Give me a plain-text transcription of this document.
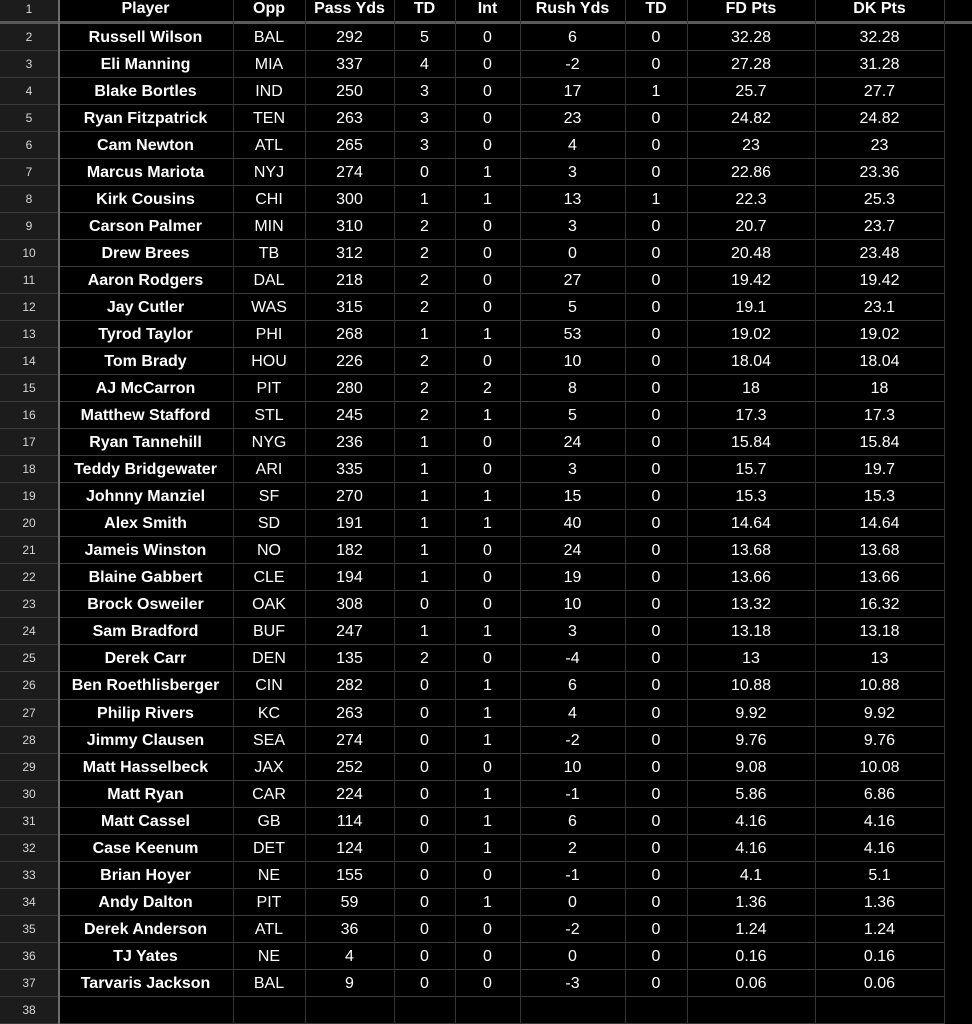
1	Player	Opp	Pass Yds	TD	Int	Rush Yds	TD	FD Pts	DK Pts
2	Russell Wilson	BAL	292	5	0	6	0	32.28	32.28
3	Eli Manning	MIA	337	4	0	-2	0	27.28	31.28
4	Blake Bortles	IND	250	3	0	17	1	25.7	27.7
5	Ryan Fitzpatrick	TEN	263	3	0	23	0	24.82	24.82
6	Cam Newton	ATL	265	3	0	4	0	23	23
7	Marcus Mariota	NYJ	274	0	1	3	0	22.86	23.36
8	Kirk Cousins	CHI	300	1	1	13	1	22.3	25.3
9	Carson Palmer	MIN	310	2	0	3	0	20.7	23.7
10	Drew Brees	TB	312	2	0	0	0	20.48	23.48
11	Aaron Rodgers	DAL	218	2	0	27	0	19.42	19.42
12	Jay Cutler	WAS	315	2	0	5	0	19.1	23.1
13	Tyrod Taylor	PHI	268	1	1	53	0	19.02	19.02
14	Tom Brady	HOU	226	2	0	10	0	18.04	18.04
15	AJ McCarron	PIT	280	2	2	8	0	18	18
16	Matthew Stafford	STL	245	2	1	5	0	17.3	17.3
17	Ryan Tannehill	NYG	236	1	0	24	0	15.84	15.84
18	Teddy Bridgewater	ARI	335	1	0	3	0	15.7	19.7
19	Johnny Manziel	SF	270	1	1	15	0	15.3	15.3
20	Alex Smith	SD	191	1	1	40	0	14.64	14.64
21	Jameis Winston	NO	182	1	0	24	0	13.68	13.68
22	Blaine Gabbert	CLE	194	1	0	19	0	13.66	13.66
23	Brock Osweiler	OAK	308	0	0	10	0	13.32	16.32
24	Sam Bradford	BUF	247	1	1	3	0	13.18	13.18
25	Derek Carr	DEN	135	2	0	-4	0	13	13
26	Ben Roethlisberger	CIN	282	0	1	6	0	10.88	10.88
27	Philip Rivers	KC	263	0	1	4	0	9.92	9.92
28	Jimmy Clausen	SEA	274	0	1	-2	0	9.76	9.76
29	Matt Hasselbeck	JAX	252	0	0	10	0	9.08	10.08
30	Matt Ryan	CAR	224	0	1	-1	0	5.86	6.86
31	Matt Cassel	GB	114	0	1	6	0	4.16	4.16
32	Case Keenum	DET	124	0	1	2	0	4.16	4.16
33	Brian Hoyer	NE	155	0	0	-1	0	4.1	5.1
34	Andy Dalton	PIT	59	0	1	0	0	1.36	1.36
35	Derek Anderson	ATL	36	0	0	-2	0	1.24	1.24
36	TJ Yates	NE	4	0	0	0	0	0.16	0.16
37	Tarvaris Jackson	BAL	9	0	0	-3	0	0.06	0.06
38
